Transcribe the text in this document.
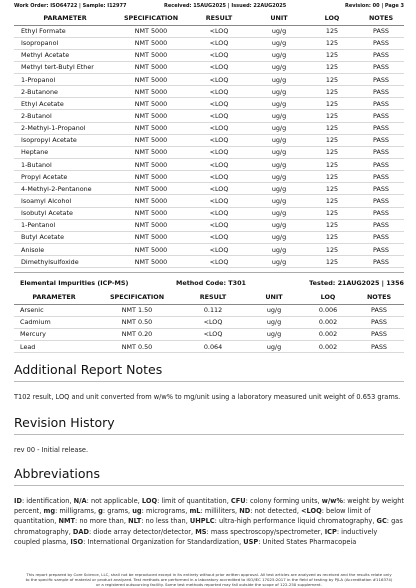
Work Order: ISO64722 | Sample: I12977	Received: 15AUG2025 | Issued: 22AUG2025	Revision: 00 | Page 3
PARAMETER	SPECIFICATION	RESULT	UNIT	LOQ	NOTES
Ethyl Formate	NMT 5000	<LOQ	ug/g	125	PASS
Isopropanol	NMT 5000	<LOQ	ug/g	125	PASS
Methyl Acetate	NMT 5000	<LOQ	ug/g	125	PASS
Methyl tert-Butyl Ether	NMT 5000	<LOQ	ug/g	125	PASS
1-Propanol	NMT 5000	<LOQ	ug/g	125	PASS
2-Butanone	NMT 5000	<LOQ	ug/g	125	PASS
Ethyl Acetate	NMT 5000	<LOQ	ug/g	125	PASS
2-Butanol	NMT 5000	<LOQ	ug/g	125	PASS
2-Methyl-1-Propanol	NMT 5000	<LOQ	ug/g	125	PASS
Isopropyl Acetate	NMT 5000	<LOQ	ug/g	125	PASS
Heptane	NMT 5000	<LOQ	ug/g	125	PASS
1-Butanol	NMT 5000	<LOQ	ug/g	125	PASS
Propyl Acetate	NMT 5000	<LOQ	ug/g	125	PASS
4-Methyl-2-Pentanone	NMT 5000	<LOQ	ug/g	125	PASS
Isoamyl Alcohol	NMT 5000	<LOQ	ug/g	125	PASS
Isobutyl Acetate	NMT 5000	<LOQ	ug/g	125	PASS
1-Pentanol	NMT 5000	<LOQ	ug/g	125	PASS
Butyl Acetate	NMT 5000	<LOQ	ug/g	125	PASS
Anisole	NMT 5000	<LOQ	ug/g	125	PASS
Dimethylsulfoxide	NMT 5000	<LOQ	ug/g	125	PASS
Elemental Impurities (ICP-MS)	Method Code: T301	Tested: 21AUG2025 | 1356
PARAMETER	SPECIFICATION	RESULT	UNIT	LOQ	NOTES
Arsenic	NMT 1.50	0.112	ug/g	0.006	PASS
Cadmium	NMT 0.50	<LOQ	ug/g	0.002	PASS
Mercury	NMT 0.20	<LOQ	ug/g	0.002	PASS
Lead	NMT 0.50	0.064	ug/g	0.002	PASS
Additional Report Notes
T102 result, LOQ and unit converted from w/w% to mg/unit using a laboratory measured unit weight of 0.653 grams.
Revision History
rev 00 - Initial release.
Abbreviations
ID: identification, N/A: not applicable, LOQ: limit of quantitation, CFU: colony forming units, w/w%: weight by weight percent, mg: milligrams, g: grams, ug: micrograms, mL: milliliters, ND: not detected, <LOQ: below limit of quantitation, NMT: no more than, NLT: no less than, UHPLC: ultra-high performance liquid chromatography, GC: gas chromatography, DAD: diode array detector/detector, MS: mass spectroscopy/spectrometer, ICP: inductively coupled plasma, ISO: International Organization for Standardization, USP: United States Pharmacopeia
This report prepared by Core Science, LLC, shall not be reproduced except in its entirety without prior written approval. All test articles are analyzed as received and the results relate only
to the specific sample of material or product analyzed. Test methods are performed in a laboratory accredited to ISO/IEC 17025:2017 in the field of testing by PJLA (Accreditation #116374)
or a registered outsourcing facility. Some test methods reported may fall outside the scope of 122-250 supplement.
